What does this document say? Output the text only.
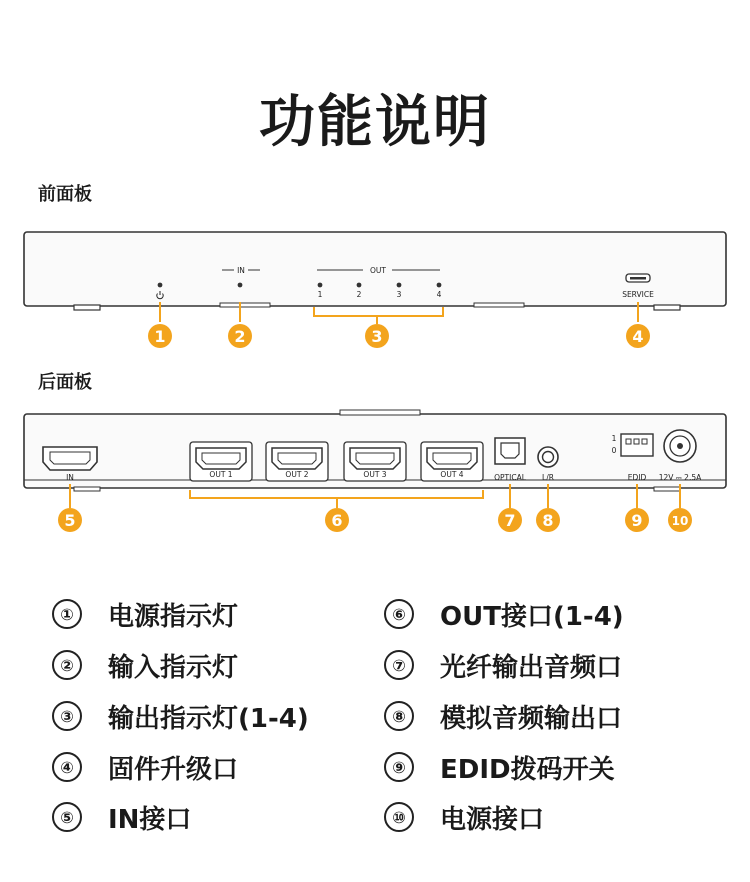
功能说明
前面板
后面板
IN	OUT
1	2	3	4	SERVICE
IN	OUT 1	OUT 2	OUT 3	OUT 4	OPTICAL L/R
1
0
EDID 12V ⎓ 2.5A
1	2	3	4
5	6	7 8	9 10
①	电源指示灯
②	输入指示灯
③	输出指示灯(1-4)
④	固件升级口
⑤	IN接口
⑥	OUT接口(1-4)
⑦	光纤输出音频口
⑧	模拟音频输出口
⑨	EDID拨码开关
⑩	电源接口
